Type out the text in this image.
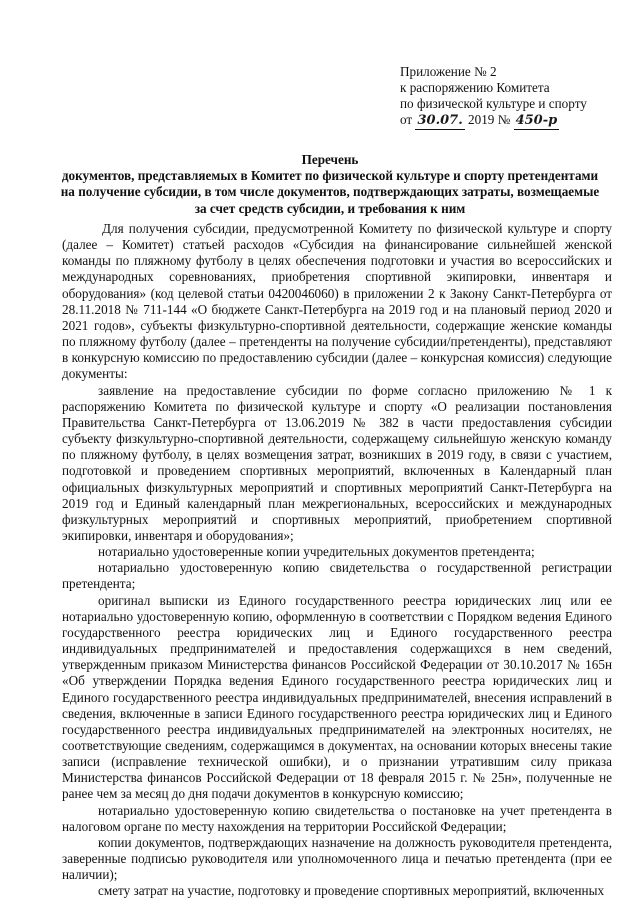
Приложение № 2
к распоряжению Комитета
по физической культуре и спорту
от 30.07. 2019 № 450-р
Перечень
документов, представляемых в Комитет по физической культуре и спорту претендентами
на получение субсидии, в том числе документов, подтверждающих затраты, возмещаемые
за счет средств субсидии, и требования к ним

Для получения субсидии, предусмотренной Комитету по физической культуре и спорту (далее – Комитет) статьей расходов «Субсидия на финансирование сильнейшей женской команды по пляжному футболу в целях обеспечения подготовки и участия во всероссийских и международных соревнованиях, приобретения спортивной экипировки, инвентаря и оборудования» (код целевой статьи 0420046060) в приложении 2 к Закону Санкт-Петербурга от 28.11.2018 № 711-144 «О бюджете Санкт-Петербурга на 2019 год и на плановый период 2020 и 2021 годов», субъекты физкультурно-спортивной деятельности, содержащие женские команды по пляжному футболу (далее – претенденты на получение субсидии/претенденты), представляют в конкурсную комиссию по предоставлению субсидии (далее – конкурсная комиссия) следующие документы:

заявление на предоставление субсидии по форме согласно приложению № 1 к распоряжению Комитета по физической культуре и спорту «О реализации постановления Правительства Санкт-Петербурга от 13.06.2019 № 382 в части предоставления субсидии субъекту физкультурно-спортивной деятельности, содержащему сильнейшую женскую команду по пляжному футболу, в целях возмещения затрат, возникших в 2019 году, в связи с участием, подготовкой и проведением спортивных мероприятий, включенных в Календарный план официальных физкультурных мероприятий и спортивных мероприятий Санкт-Петербурга на 2019 год и Единый календарный план межрегиональных, всероссийских и международных физкультурных мероприятий и спортивных мероприятий, приобретением спортивной экипировки, инвентаря и оборудования»;

нотариально удостоверенные копии учредительных документов претендента;

нотариально удостоверенную копию свидетельства о государственной регистрации претендента;

оригинал выписки из Единого государственного реестра юридических лиц или ее нотариально удостоверенную копию, оформленную в соответствии с Порядком ведения Единого государственного реестра юридических лиц и Единого государственного реестра индивидуальных предпринимателей и предоставления содержащихся в нем сведений, утвержденным приказом Министерства финансов Российской Федерации от 30.10.2017 № 165н «Об утверждении Порядка ведения Единого государственного реестра юридических лиц и Единого государственного реестра индивидуальных предпринимателей, внесения исправлений в сведения, включенные в записи Единого государственного реестра юридических лиц и Единого государственного реестра индивидуальных предпринимателей на электронных носителях, не соответствующие сведениям, содержащимся в документах, на основании которых внесены такие записи (исправление технической ошибки), и о признании утратившим силу приказа Министерства финансов Российской Федерации от 18 февраля 2015 г. № 25н», полученные не ранее чем за месяц до дня подачи документов в конкурсную комиссию;

нотариально удостоверенную копию свидетельства о постановке на учет претендента в налоговом органе по месту нахождения на территории Российской Федерации;

копии документов, подтверждающих назначение на должность руководителя претендента, заверенные подписью руководителя или уполномоченного лица и печатью претендента (при ее наличии);

смету затрат на участие, подготовку и проведение спортивных мероприятий, включенных
